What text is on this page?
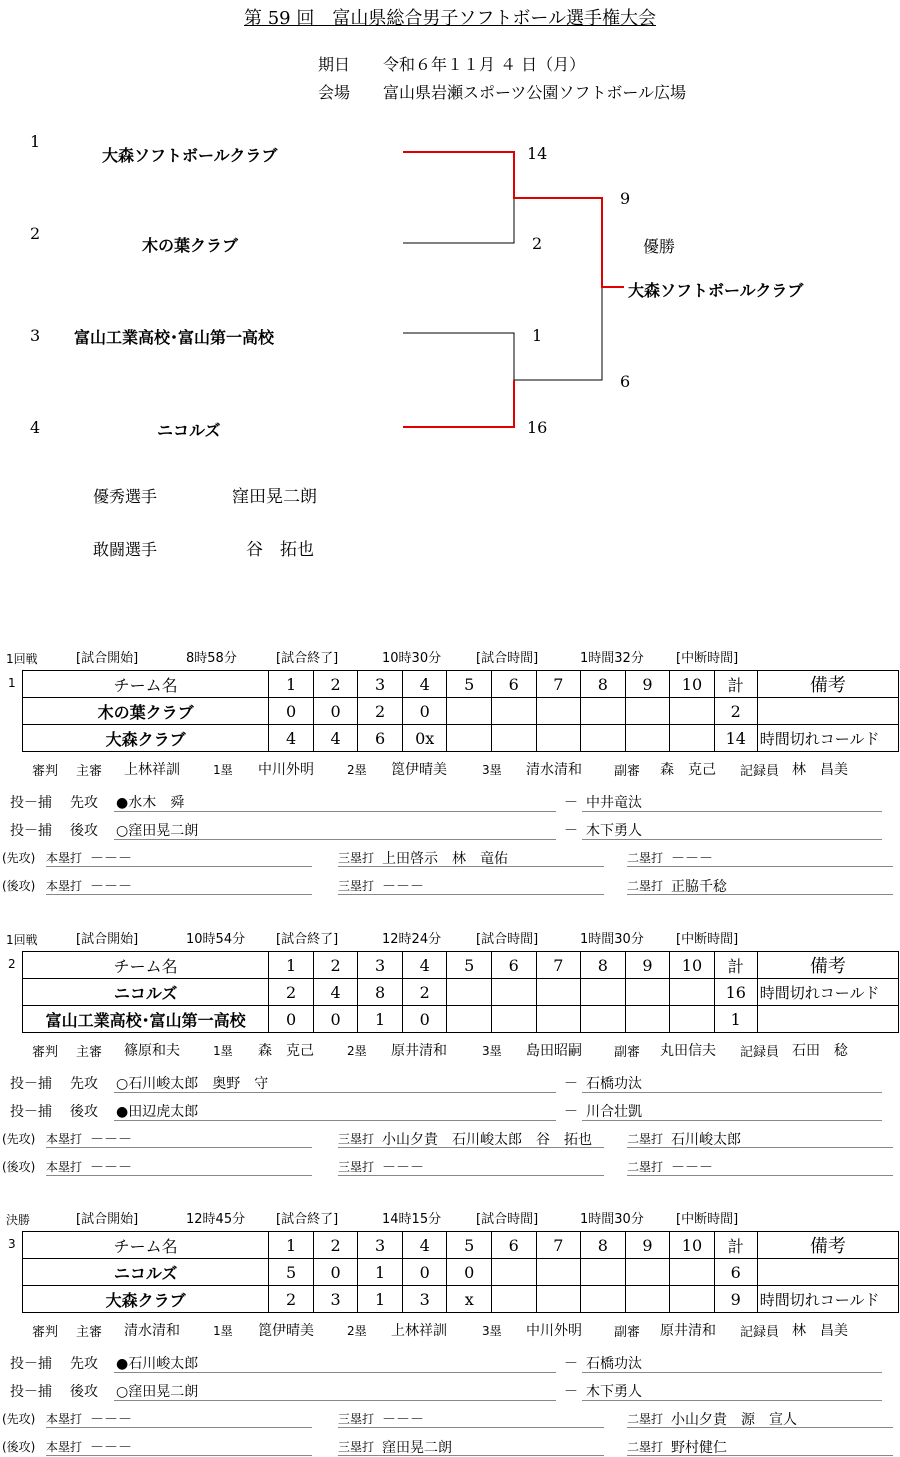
第 59 回　富山県総合男子ソフトボール選手権大会
期日 令和６年１１月 ４ 日（月）
会場 富山県岩瀬スポーツ公園ソフトボール広場
1
大森ソフトボールクラブ
2
木の葉クラブ
3 富山工業高校･富山第一高校
4	ニコルズ
14
2
1
16
9
6
優勝
大森ソフトボールクラブ
優秀選手	窪田晃二朗
敢闘選手	谷　拓也
1回戦	[試合開始]	8時58分	[試合終了]	10時30分	[試合時間]	1時間32分 [中断時間]
1	チーム名	1	2	3	4	5	6	7	8	9	10	計	備考
木の葉クラブ	0	0	2	0							2	
大森クラブ	4	4	6	0x							14	時間切れコールド
審判 主審 上林祥訓	1塁 中川外明	2塁 箆伊晴美	3塁 清水清和 副審 森　克己 記録員 林　昌美
投－捕 先攻 ●水木　舜	－ 中井竜汰
投－捕 後攻 ○窪田晃二朗	－ 木下勇人
(先攻) 本塁打 －－－	三塁打 上田啓示　林　竜佑	二塁打 －－－
(後攻) 本塁打 －－－	三塁打 －－－	二塁打 正脇千稔
1回戦	[試合開始]	10時54分 [試合終了]	12時24分	[試合時間]	1時間30分 [中断時間]
2	チーム名	1	2	3	4	5	6	7	8	9	10	計	備考
ニコルズ	2	4	8	2							16	時間切れコールド
富山工業高校･富山第一高校	0	0	1	0							1	
審判 主審 篠原和夫	1塁 森　克己	2塁 原井清和	3塁 島田昭嗣 副審 丸田信夫 記録員 石田　稔
投－捕 先攻 ○石川峻太郎　奥野　守	－ 石橋功汰
投－捕 後攻 ●田辺虎太郎	－ 川合壮凱
(先攻) 本塁打 －－－	三塁打 小山夕貴　石川峻太郎　谷　拓也	二塁打 石川峻太郎
(後攻) 本塁打 －－－	三塁打 －－－	二塁打 －－－
決勝	[試合開始]	12時45分 [試合終了]	14時15分	[試合時間]	1時間30分 [中断時間]
3	チーム名	1	2	3	4	5	6	7	8	9	10	計	備考
ニコルズ	5	0	1	0	0						6	
大森クラブ	2	3	1	3	x						9	時間切れコールド
審判 主審 清水清和	1塁 箆伊晴美	2塁 上林祥訓	3塁 中川外明 副審 原井清和 記録員 林　昌美
投－捕 先攻 ●石川峻太郎	－ 石橋功汰
投－捕 後攻 ○窪田晃二朗	－ 木下勇人
(先攻) 本塁打 －－－	三塁打 －－－	二塁打 小山夕貴　源　宣人
(後攻) 本塁打 －－－	三塁打 窪田晃二朗	二塁打 野村健仁
